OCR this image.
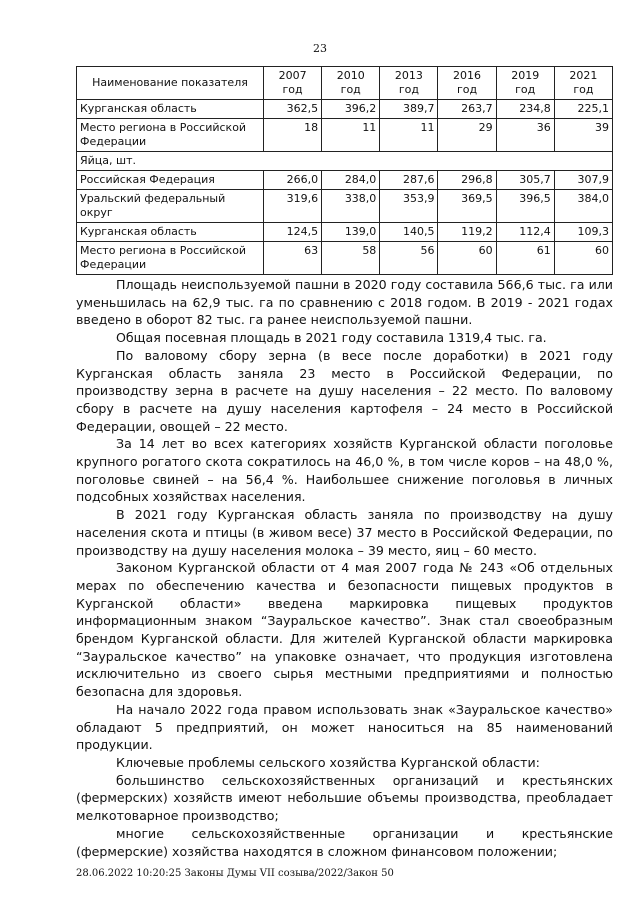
23
Наименование показателя	2007 год	2010 год	2013 год	2016 год	2019 год	2021 год
Курганская область	362,5	396,2	389,7	263,7	234,8	225,1
Место региона в Российской Федерации	18	11	11	29	36	39
Яйца, шт.						
Российская Федерация	266,0	284,0	287,6	296,8	305,7	307,9
Уральский федеральный округ	319,6	338,0	353,9	369,5	396,5	384,0
Курганская область	124,5	139,0	140,5	119,2	112,4	109,3
Место региона в Российской Федерации	63	58	56	60	61	60

Площадь неиспользуемой пашни в 2020 году составила 566,6 тыс. га или уменьшилась на 62,9 тыс. га по сравнению с 2018 годом. В 2019 - 2021 годах введено в оборот 82 тыс. га ранее неиспользуемой пашни.

Общая посевная площадь в 2021 году составила 1319,4 тыс. га.

По валовому сбору зерна (в весе после доработки) в 2021 году Курганская область заняла 23 место в Российской Федерации, по производству зерна в расчете на душу населения – 22 место. По валовому сбору в расчете на душу населения картофеля – 24 место в Российской Федерации, овощей – 22 место.

За 14 лет во всех категориях хозяйств Курганской области поголовье крупного рогатого скота сократилось на 46,0 %, в том числе коров – на 48,0 %, поголовье свиней – на 56,4 %. Наибольшее снижение поголовья в личных подсобных хозяйствах населения.

В 2021 году Курганская область заняла по производству на душу населения скота и птицы (в живом весе) 37 место в Российской Федерации, по производству на душу населения молока – 39 место, яиц – 60 место.

Законом Курганской области от 4 мая 2007 года № 243 «Об отдельных мерах по обеспечению качества и безопасности пищевых продуктов в Курганской области» введена маркировка пищевых продуктов информационным знаком “Зауральское качество”. Знак стал своеобразным брендом Курганской области. Для жителей Курганской области маркировка “Зауральское качество” на упаковке означает, что продукция изготовлена исключительно из своего сырья местными предприятиями и полностью безопасна для здоровья.

На начало 2022 года правом использовать знак «Зауральское качество» обладают 5 предприятий, он может наноситься на 85 наименований продукции.

Ключевые проблемы сельского хозяйства Курганской области:

большинство сельскохозяйственных организаций и крестьянских (фермерских) хозяйств имеют небольшие объемы производства, преобладает мелкотоварное производство;

многие сельскохозяйственные организации и крестьянские (фермерские) хозяйства находятся в сложном финансовом положении;

28.06.2022 10:20:25 Законы Думы VII созыва/2022/Закон 50
